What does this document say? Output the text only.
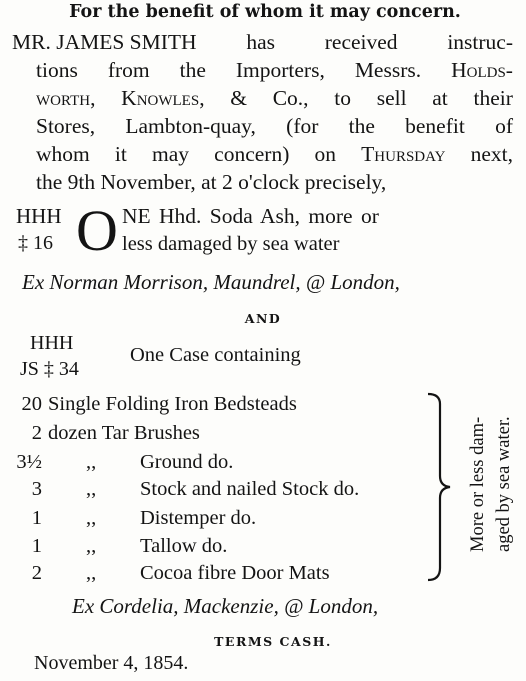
For the benefit of whom it may concern.
MR. JAMES SMITH has received instruc-
tions from the Importers, Messrs. Holds-
worth, Knowles, & Co., to sell at their
Stores, Lambton-quay, (for the benefit of
whom it may concern) on Thursday next,
the 9th November, at 2 o'clock precisely,
HHH
‡ 16 O NE Hhd. Soda Ash, more or
less damaged by sea water
Ex Norman Morrison, Maundrel, @ London,
AND
HHH
JS ‡ 34
One Case containing
20 Single Folding Iron Bedsteads
2 dozen Tar Brushes
3½ ,, Ground do.
3 ,, Stock and nailed Stock do.
1 ,, Distemper do.
1 ,, Tallow do.
2 ,, Cocoa fibre Door Mats
More or less dam- aged by sea water.
Ex Cordelia, Mackenzie, @ London,
TERMS CASH.
November 4, 1854.
